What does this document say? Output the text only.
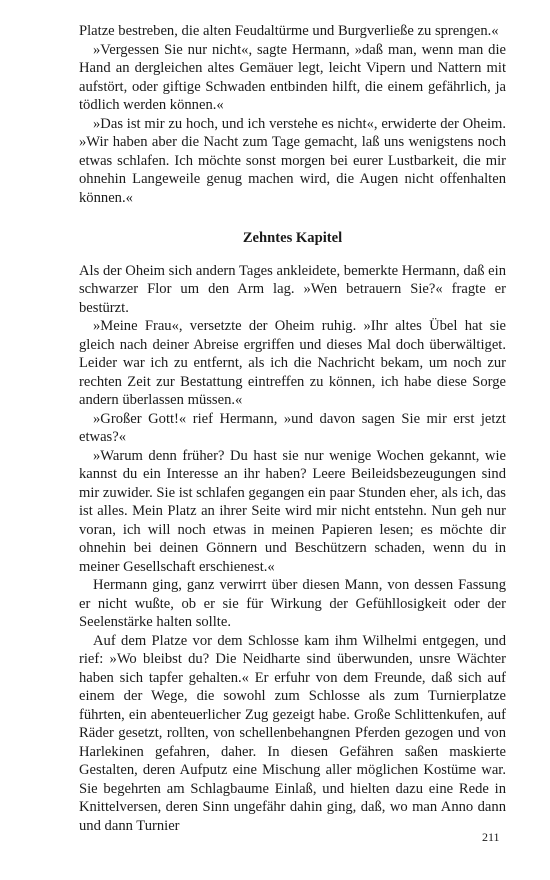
Platze bestreben, die alten Feudaltürme und Burgverließe zu sprengen.«

»Vergessen Sie nur nicht«, sagte Hermann, »daß man, wenn man die Hand an dergleichen altes Gemäuer legt, leicht Vipern und Nattern mit aufstört, oder giftige Schwaden entbinden hilft, die einem gefährlich, ja tödlich werden können.«

»Das ist mir zu hoch, und ich verstehe es nicht«, erwiderte der Oheim. »Wir haben aber die Nacht zum Tage gemacht, laß uns wenigstens noch etwas schlafen. Ich möchte sonst morgen bei eurer Lustbarkeit, die mir ohnehin Langeweile genug machen wird, die Augen nicht offenhalten können.«

Zehntes Kapitel

Als der Oheim sich andern Tages ankleidete, bemerkte Hermann, daß ein schwarzer Flor um den Arm lag. »Wen betrauern Sie?« fragte er bestürzt.

»Meine Frau«, versetzte der Oheim ruhig. »Ihr altes Übel hat sie gleich nach deiner Abreise ergriffen und dieses Mal doch überwältiget. Leider war ich zu entfernt, als ich die Nachricht bekam, um noch zur rechten Zeit zur Bestattung eintreffen zu können, ich habe diese Sorge andern überlassen müssen.«

»Großer Gott!« rief Hermann, »und davon sagen Sie mir erst jetzt etwas?«

»Warum denn früher? Du hast sie nur wenige Wochen gekannt, wie kannst du ein Interesse an ihr haben? Leere Beileidsbezeugungen sind mir zuwider. Sie ist schlafen gegangen ein paar Stunden eher, als ich, das ist alles. Mein Platz an ihrer Seite wird mir nicht entstehn. Nun geh nur voran, ich will noch etwas in meinen Papieren lesen; es möchte dir ohnehin bei deinen Gönnern und Beschützern schaden, wenn du in meiner Gesellschaft erschienest.«

Hermann ging, ganz verwirrt über diesen Mann, von dessen Fassung er nicht wußte, ob er sie für Wirkung der Gefühllosigkeit oder der Seelenstärke halten sollte.

Auf dem Platze vor dem Schlosse kam ihm Wilhelmi entgegen, und rief: »Wo bleibst du? Die Neidharte sind überwunden, unsre Wächter haben sich tapfer gehalten.« Er erfuhr von dem Freunde, daß sich auf einem der Wege, die sowohl zum Schlosse als zum Turnierplatze führten, ein abenteuerlicher Zug gezeigt habe. Große Schlittenkufen, auf Räder gesetzt, rollten, von schellenbehangnen Pferden gezogen und von Harlekinen gefahren, daher. In diesen Gefähren saßen maskierte Gestalten, deren Aufputz eine Mischung aller möglichen Kostüme war. Sie begehrten am Schlagbaume Einlaß, und hielten dazu eine Rede in Knittelversen, deren Sinn ungefähr dahin ging, daß, wo man Anno dann und dann Turnier

211
